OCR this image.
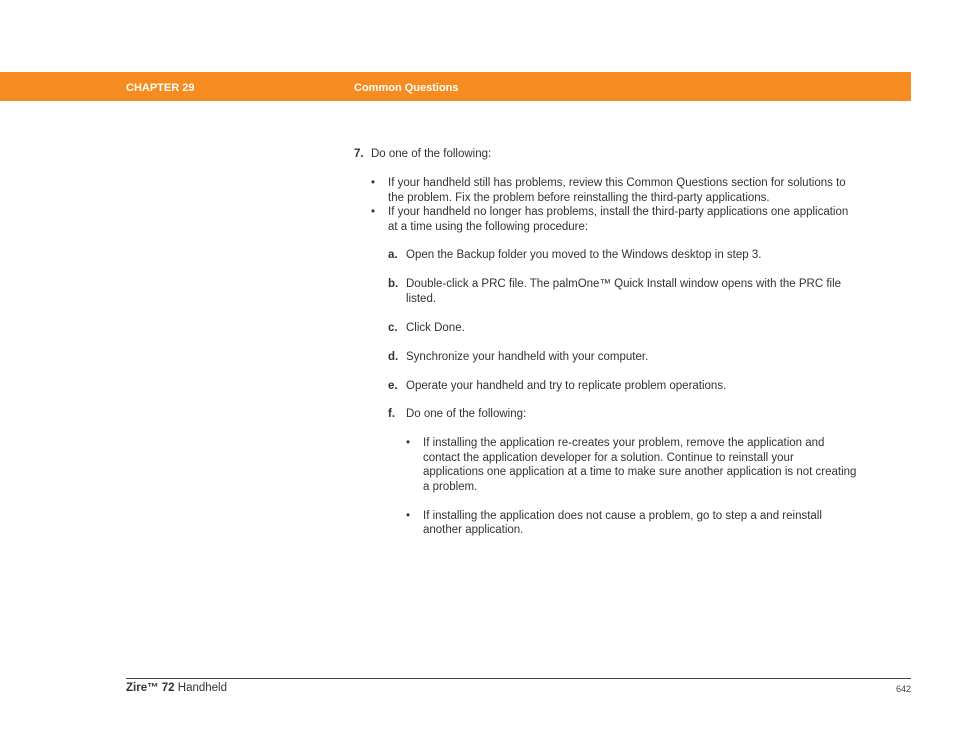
CHAPTER 29	Common Questions
7. Do one of the following:
• If your handheld still has problems, review this Common Questions section for solutions to
the problem. Fix the problem before reinstalling the third-party applications.
• If your handheld no longer has problems, install the third-party applications one application
at a time using the following procedure:
a. Open the Backup folder you moved to the Windows desktop in step 3.
b. Double-click a PRC file. The palmOne™ Quick Install window opens with the PRC file
listed.
c. Click Done.
d. Synchronize your handheld with your computer.
e. Operate your handheld and try to replicate problem operations.
f. Do one of the following:
• If installing the application re-creates your problem, remove the application and
contact the application developer for a solution. Continue to reinstall your
applications one application at a time to make sure another application is not creating
a problem.
• If installing the application does not cause a problem, go to step a and reinstall
another application.
Zire™ 72 Handheld	642
